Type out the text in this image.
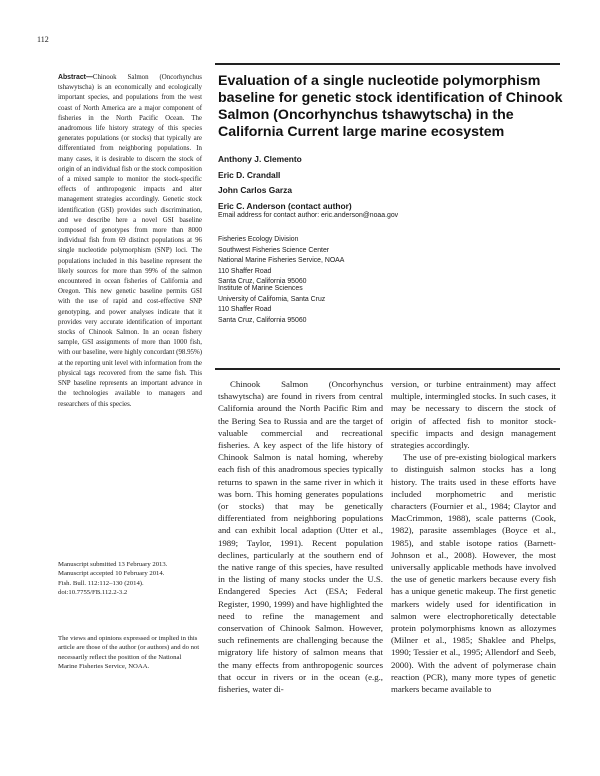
112
Abstract—Chinook Salmon (Oncorhynchus tshawytscha) is an economically and ecologically important species, and populations from the west coast of North America are a major component of fisheries in the North Pacific Ocean. The anadromous life history strategy of this species generates populations (or stocks) that typically are differentiated from neighboring populations. In many cases, it is desirable to discern the stock of origin of an individual fish or the stock composition of a mixed sample to monitor the stock-specific effects of anthropogenic impacts and alter management strategies accordingly. Genetic stock identification (GSI) provides such discrimination, and we describe here a novel GSI baseline composed of genotypes from more than 8000 individual fish from 69 distinct populations at 96 single nucleotide polymorphism (SNP) loci. The populations included in this baseline represent the likely sources for more than 99% of the salmon encountered in ocean fisheries of California and Oregon. This new genetic baseline permits GSI with the use of rapid and cost-effective SNP genotyping, and power analyses indicate that it provides very accurate identification of important stocks of Chinook Salmon. In an ocean fishery sample, GSI assignments of more than 1000 fish, with our baseline, were highly concordant (98.95%) at the reporting unit level with information from the physical tags recovered from the same fish. This SNP baseline represents an important advance in the technologies available to managers and researchers of this species.
Manuscript submitted 13 February 2013.
Manuscript accepted 10 February 2014.
Fish. Bull. 112:112–130 (2014).
doi:10.7755/FB.112.2-3.2
The views and opinions expressed or implied in this article are those of the author (or authors) and do not necessarily reflect the position of the National Marine Fisheries Service, NOAA.
Evaluation of a single nucleotide polymorphism baseline for genetic stock identification of Chinook Salmon (Oncorhynchus tshawytscha) in the California Current large marine ecosystem
Anthony J. Clemento
Eric D. Crandall
John Carlos Garza
Eric C. Anderson (contact author)
Email address for contact author: eric.anderson@noaa.gov
Fisheries Ecology Division
Southwest Fisheries Science Center
National Marine Fisheries Service, NOAA
110 Shaffer Road
Santa Cruz, California 95060
Institute of Marine Sciences
University of California, Santa Cruz
110 Shaffer Road
Santa Cruz, California 95060

Chinook Salmon (Oncorhynchus tshawytscha) are found in rivers from central California around the North Pacific Rim and the Bering Sea to Russia and are the target of valuable commercial and recreational fisheries. A key aspect of the life history of Chinook Salmon is natal homing, whereby each fish of this anadromous species typically returns to spawn in the same river in which it was born. This homing generates populations (or stocks) that may be genetically differentiated from neighboring populations and can exhibit local adaption (Utter et al., 1989; Taylor, 1991). Recent population declines, particularly at the southern end of the native range of this species, have resulted in the listing of many stocks under the U.S. Endangered Species Act (ESA; Federal Register, 1990, 1999) and have highlighted the need to refine the management and conservation of Chinook Salmon. However, such refinements are challenging because the migratory life history of salmon means that the many effects from anthropogenic sources that occur in rivers or in the ocean (e.g., fisheries, water di-

version, or turbine entrainment) may affect multiple, intermingled stocks. In such cases, it may be necessary to discern the stock of origin of affected fish to monitor stock-specific impacts and design management strategies accordingly.

The use of pre-existing biological markers to distinguish salmon stocks has a long history. The traits used in these efforts have included morphometric and meristic characters (Fournier et al., 1984; Claytor and MacCrimmon, 1988), scale patterns (Cook, 1982), parasite assemblages (Boyce et al., 1985), and stable isotope ratios (Barnett-Johnson et al., 2008). However, the most universally applicable methods have involved the use of genetic markers because every fish has a unique genetic makeup. The first genetic markers widely used for identification in salmon were electrophoretically detectable protein polymorphisms known as allozymes (Milner et al., 1985; Shaklee and Phelps, 1990; Tessier et al., 1995; Allendorf and Seeb, 2000). With the advent of polymerase chain reaction (PCR), many more types of genetic markers became available to
